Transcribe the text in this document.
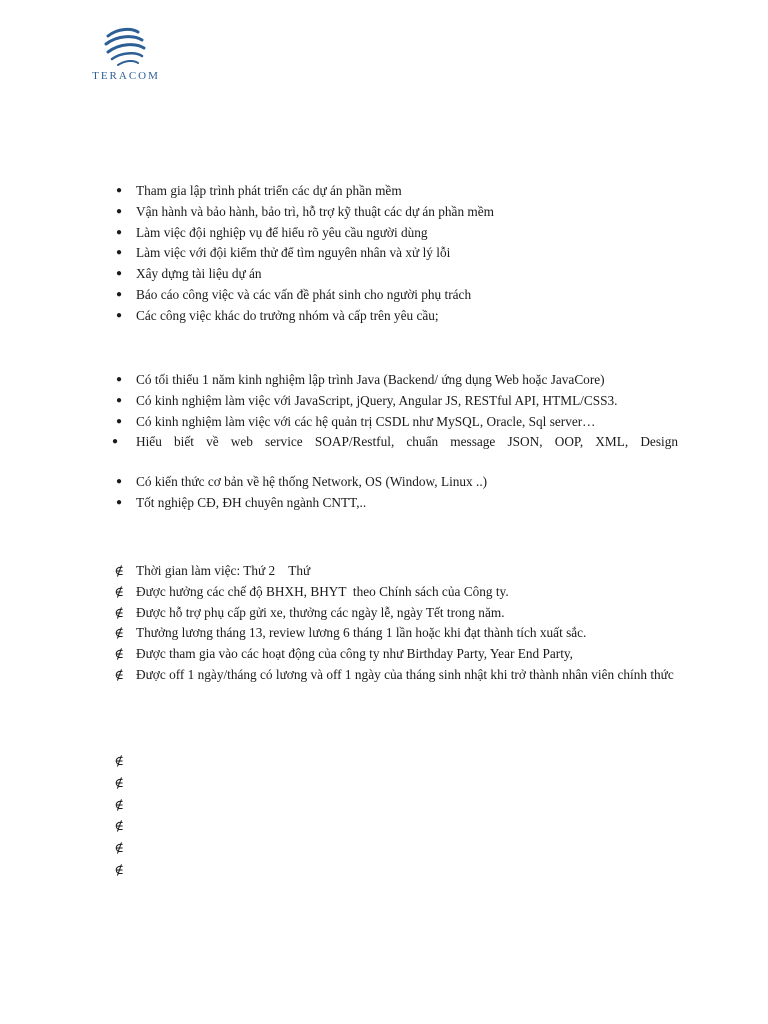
TERACOM
● Tham gia lập trình phát triển các dự án phần mềm
● Vận hành và bảo hành, bảo trì, hỗ trợ kỹ thuật các dự án phần mềm
● Làm việc đội nghiệp vụ để hiểu rõ yêu cầu người dùng
● Làm việc với đội kiểm thử để tìm nguyên nhân và xử lý lỗi
● Xây dựng tài liệu dự án
● Báo cáo công việc và các vấn đề phát sinh cho người phụ trách
● Các công việc khác do trưởng nhóm và cấp trên yêu cầu;
● Có tối thiểu 1 năm kinh nghiệm lập trình Java (Backend/ ứng dụng Web hoặc JavaCore)
● Có kinh nghiệm làm việc với JavaScript, jQuery, Angular JS, RESTful API, HTML/CSS3.
● Có kinh nghiệm làm việc với các hệ quản trị CSDL như MySQL, Oracle, Sql server…
●	Hiểu biết về web service SOAP/Restful, chuẩn message JSON, OOP, XML, Design
● Có kiến thức cơ bản về hệ thống Network, OS (Window, Linux ..)
● Tốt nghiệp CĐ, ĐH chuyên ngành CNTT,..
∉ Thời gian làm việc: Thứ 2    Thứ
∉ Được hưởng các chế độ BHXH, BHYT  theo Chính sách của Công ty.
∉ Được hỗ trợ phụ cấp gửi xe, thưởng các ngày lễ, ngày Tết trong năm.
∉ Thưởng lương tháng 13, review lương 6 tháng 1 lần hoặc khi đạt thành tích xuất sắc.
∉ Được tham gia vào các hoạt động của công ty như Birthday Party, Year End Party,
∉ Được off 1 ngày/tháng có lương và off 1 ngày của tháng sinh nhật khi trở thành nhân viên chính thức
∉

∉

∉

∉

∉

∉
